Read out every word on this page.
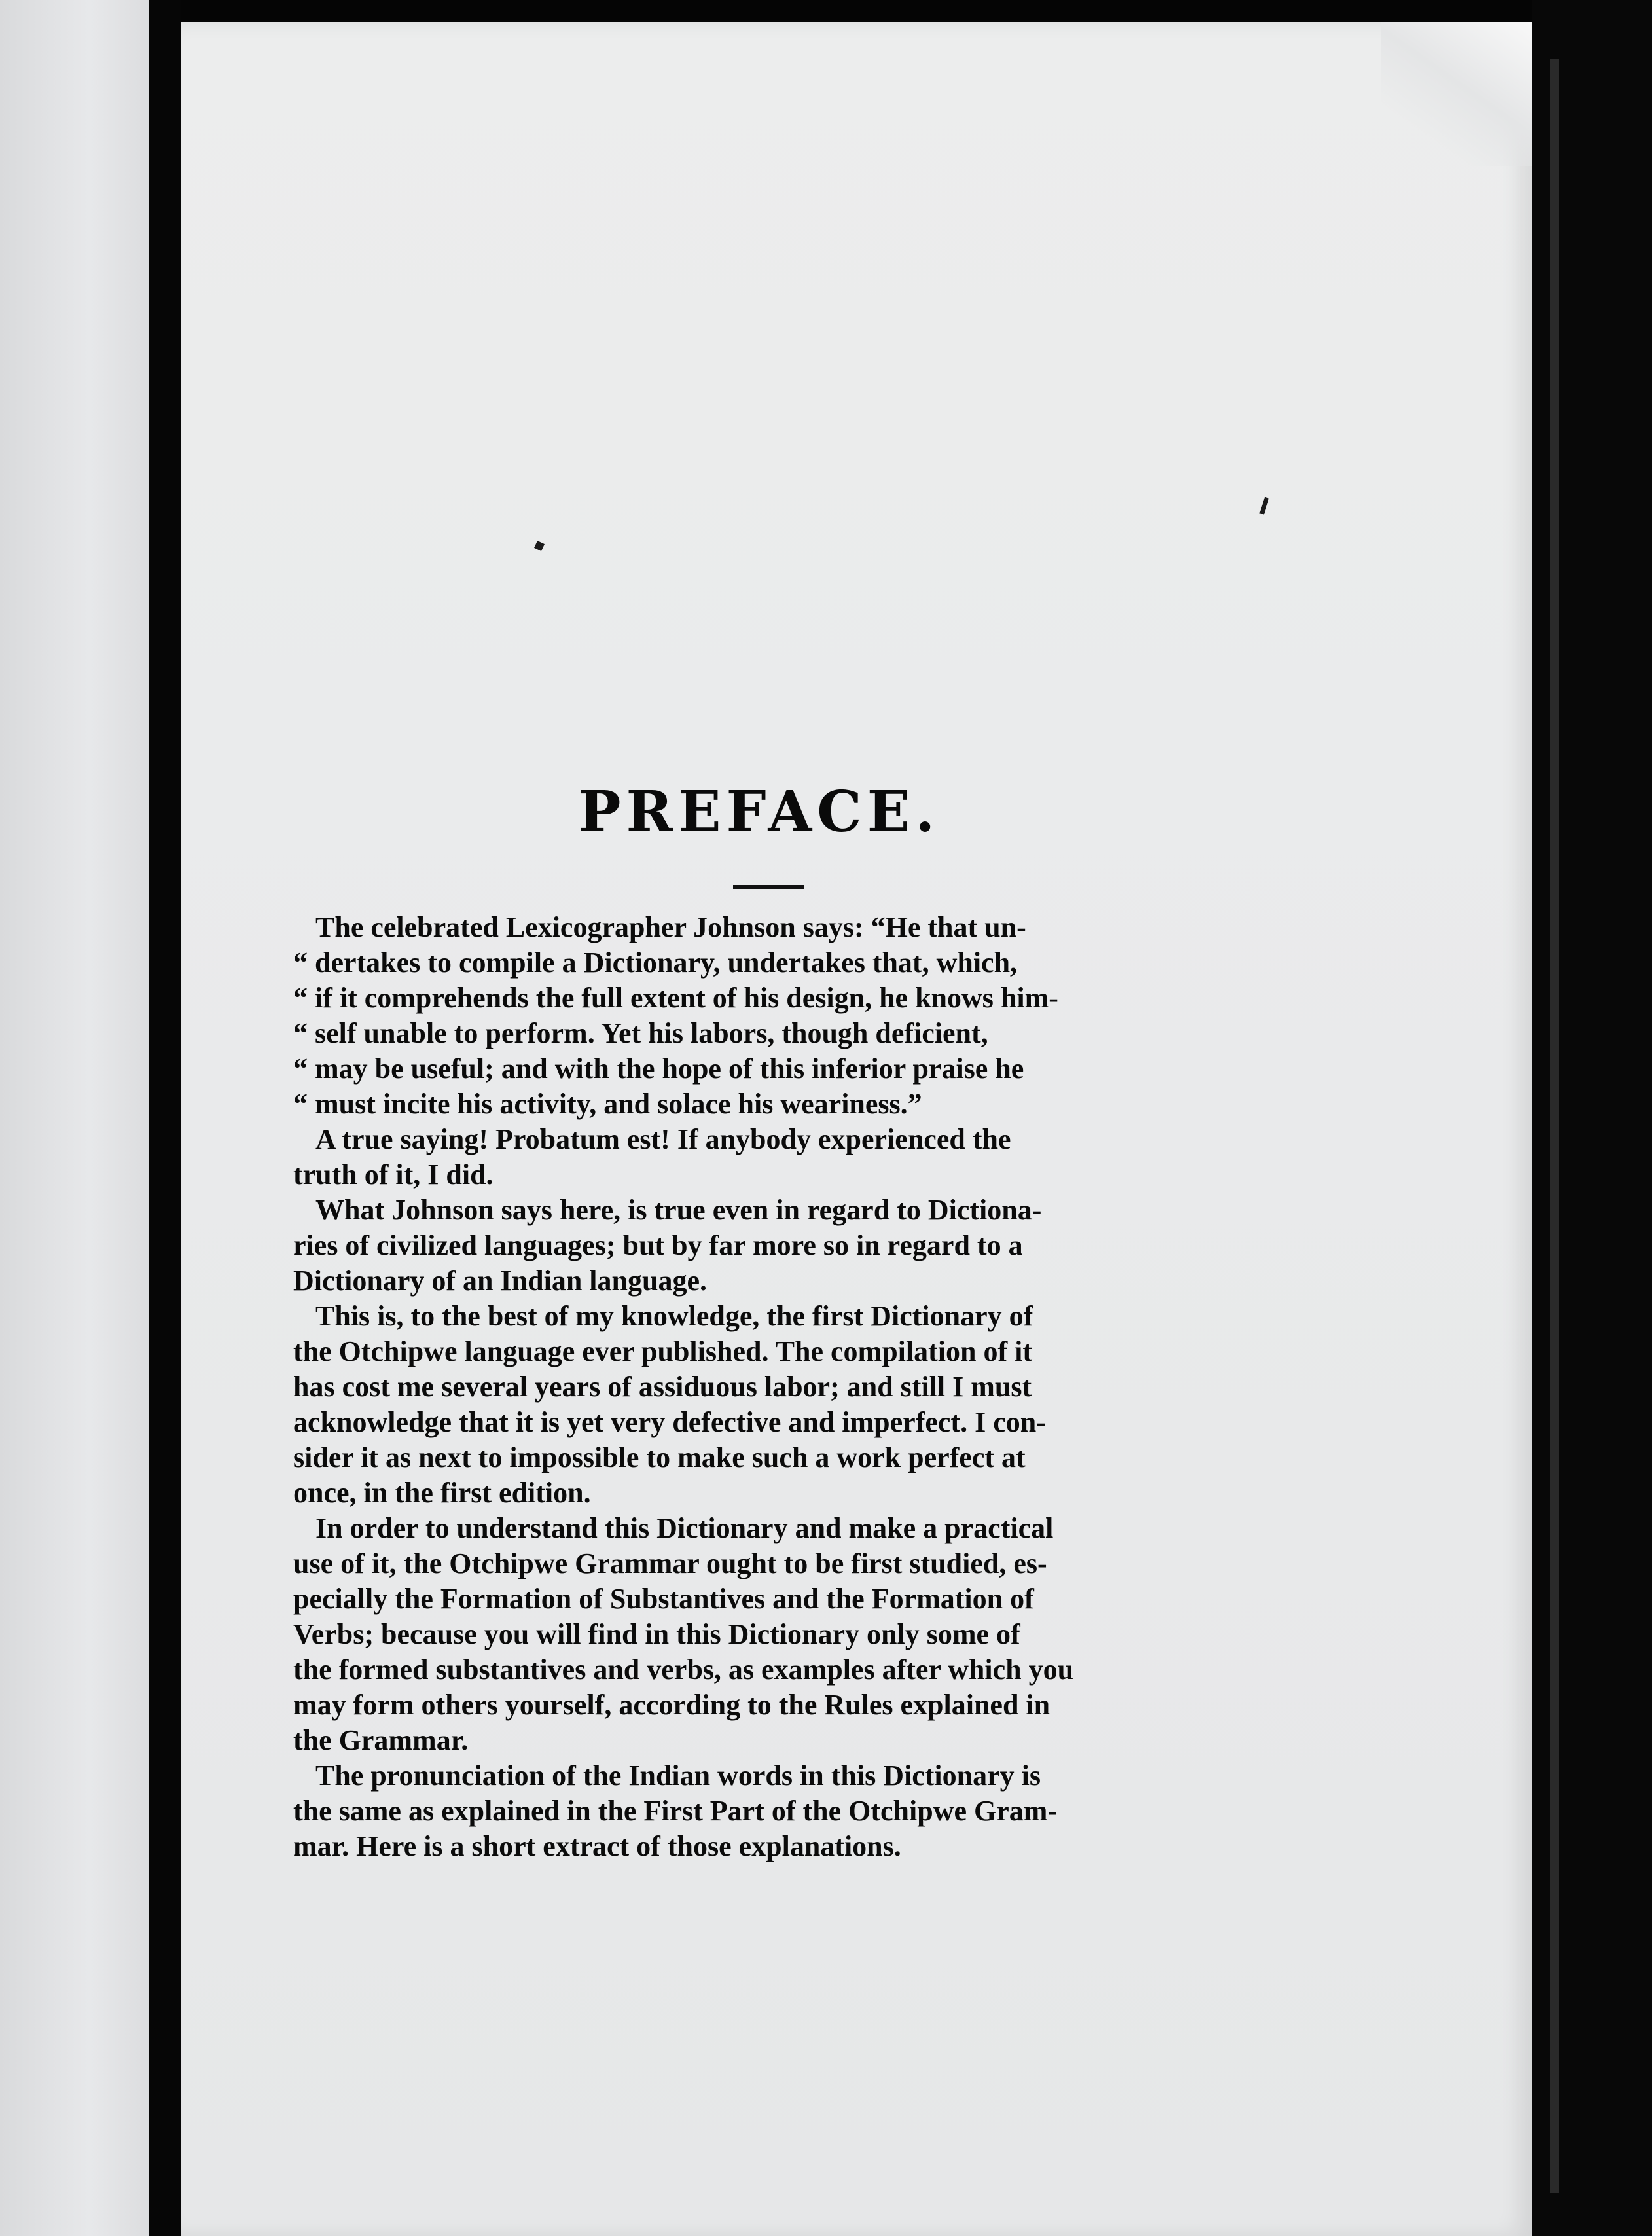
PREFACE.

The celebrated Lexicographer Johnson says: “He that un-

“ dertakes to compile a Dictionary, undertakes that, which,

“ if it comprehends the full extent of his design, he knows him-

“ self unable to perform. Yet his labors, though deficient,

“ may be useful; and with the hope of this inferior praise he

“ must incite his activity, and solace his weariness.”

A true saying! Probatum est! If anybody experienced the

truth of it, I did.

What Johnson says here, is true even in regard to Dictiona-

ries of civilized languages; but by far more so in regard to a

Dictionary of an Indian language.

This is, to the best of my knowledge, the first Dictionary of

the Otchipwe language ever published. The compilation of it

has cost me several years of assiduous labor; and still I must

acknowledge that it is yet very defective and imperfect. I con-

sider it as next to impossible to make such a work perfect at

once, in the first edition.

In order to understand this Dictionary and make a practical

use of it, the Otchipwe Grammar ought to be first studied, es-

pecially the Formation of Substantives and the Formation of

Verbs; because you will find in this Dictionary only some of

the formed substantives and verbs, as examples after which you

may form others yourself, according to the Rules explained in

the Grammar.

The pronunciation of the Indian words in this Dictionary is

the same as explained in the First Part of the Otchipwe Gram-

mar. Here is a short extract of those explanations.
